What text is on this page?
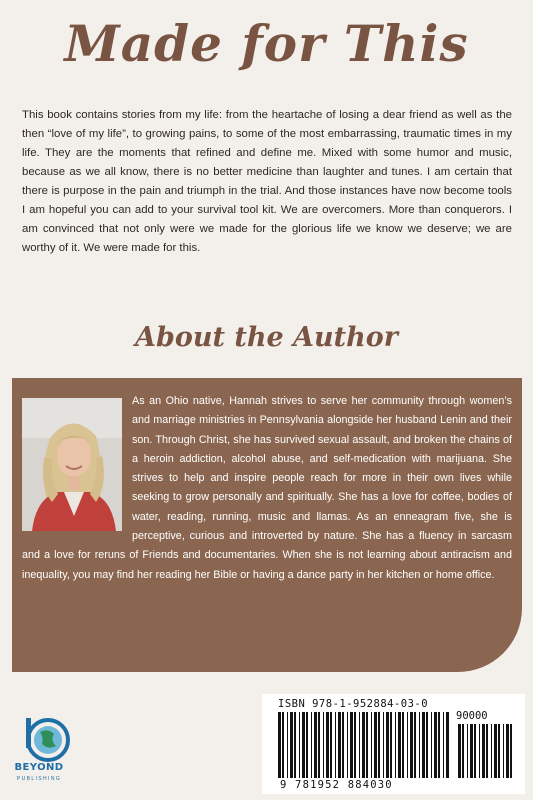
Made for This
This book contains stories from my life: from the heartache of losing a dear friend as well as the then “love of my life”, to growing pains, to some of the most embarrassing, traumatic times in my life. They are the moments that refined and define me. Mixed with some humor and music, because as we all know, there is no better medicine than laughter and tunes. I am certain that there is purpose in the pain and triumph in the trial. And those instances have now become tools I am hopeful you can add to your survival tool kit. We are overcomers. More than conquerors. I am convinced that not only were we made for the glorious life we know we deserve; we are worthy of it. We were made for this.
About the Author
As an Ohio native, Hannah strives to serve her community through women’s and marriage ministries in Pennsylvania alongside her husband Lenin and their son. Through Christ, she has survived sexual assault, and broken the chains of a heroin addiction, alcohol abuse, and self-medication with marijuana. She strives to help and inspire people reach for more in their own lives while seeking to grow personally and spiritually. She has a love for coffee, bodies of water, reading, running, music and llamas. As an enneagram five, she is perceptive, curious and introverted by nature. She has a fluency in sarcasm and a love for reruns of Friends and documentaries. When she is not learning about antiracism and inequality, you may find her reading her Bible or having a dance party in her kitchen or home office.
BEYOND
PUBLISHING
ISBN 978-1-952884-03-0
90000
9 781952 884030
